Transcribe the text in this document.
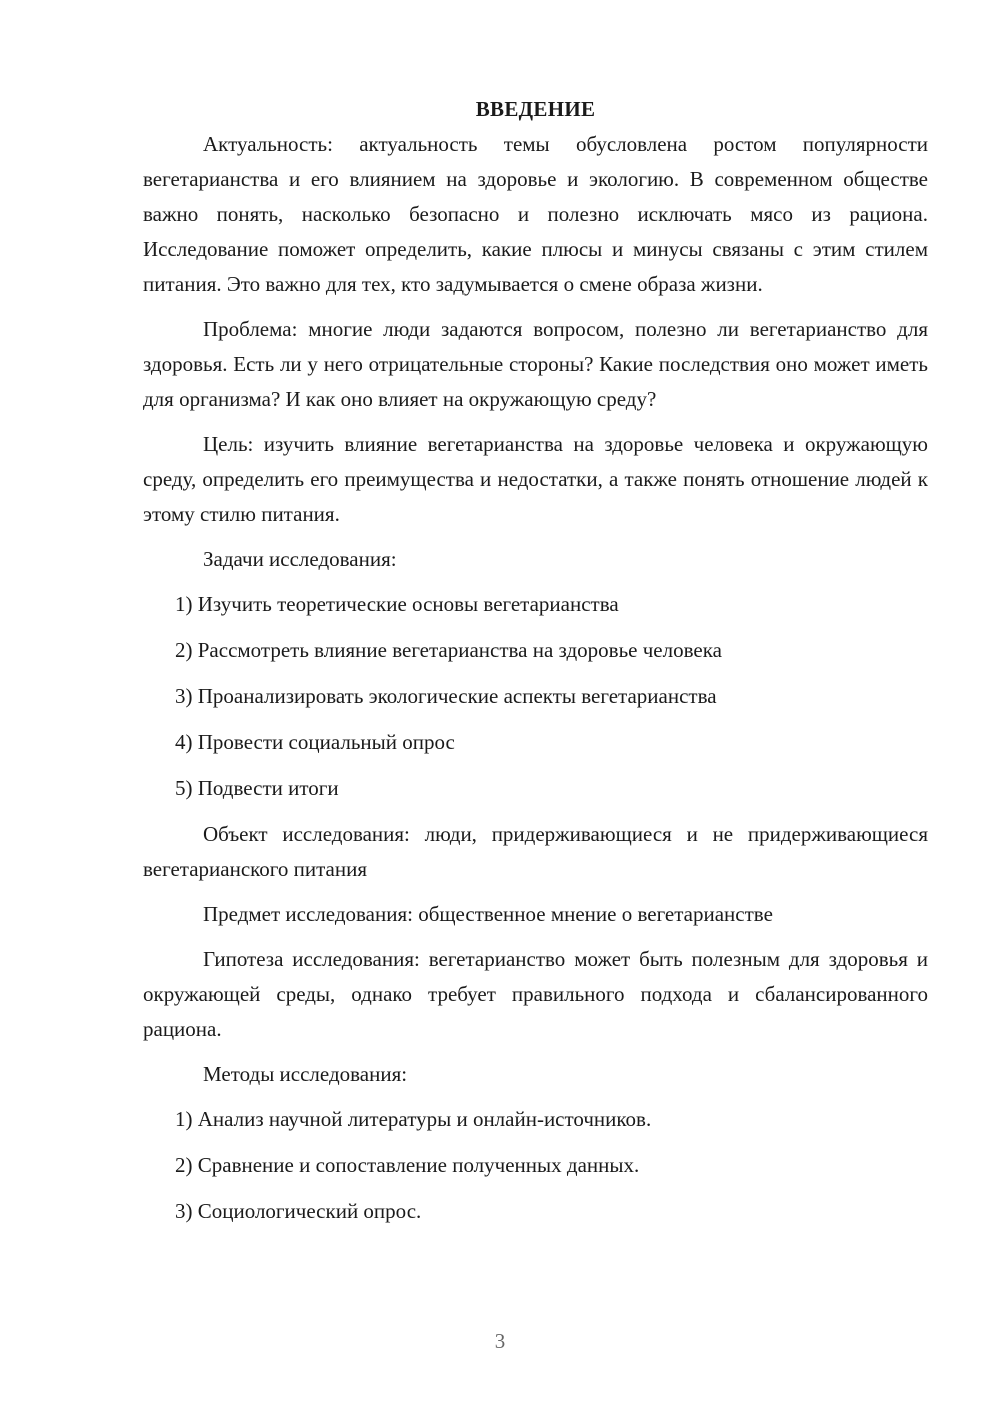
ВВЕДЕНИЕ

Актуальность: актуальность темы обусловлена ростом популярности вегетарианства и его влиянием на здоровье и экологию. В современном обществе важно понять, насколько безопасно и полезно исключать мясо из рациона. Исследование поможет определить, какие плюсы и минусы связаны с этим стилем питания. Это важно для тех, кто задумывается о смене образа жизни.

Проблема: многие люди задаются вопросом, полезно ли вегетарианство для здоровья. Есть ли у него отрицательные стороны? Какие последствия оно может иметь для организма? И как оно влияет на окружающую среду?

Цель: изучить влияние вегетарианства на здоровье человека и окружающую среду, определить его преимущества и недостатки, а также понять отношение людей к этому стилю питания.

Задачи исследования:

1) Изучить теоретические основы вегетарианства
2) Рассмотреть влияние вегетарианства на здоровье человека
3) Проанализировать экологические аспекты вегетарианства
4) Провести социальный опрос
5) Подвести итоги

Объект исследования: люди, придерживающиеся и не придерживающиеся вегетарианского питания

Предмет исследования: общественное мнение о вегетарианстве

Гипотеза исследования: вегетарианство может быть полезным для здоровья и окружающей среды, однако требует правильного подхода и сбалансированного рациона.

Методы исследования:

1) Анализ научной литературы и онлайн-источников.
2) Сравнение и сопоставление полученных данных.
3) Социологический опрос.
3
